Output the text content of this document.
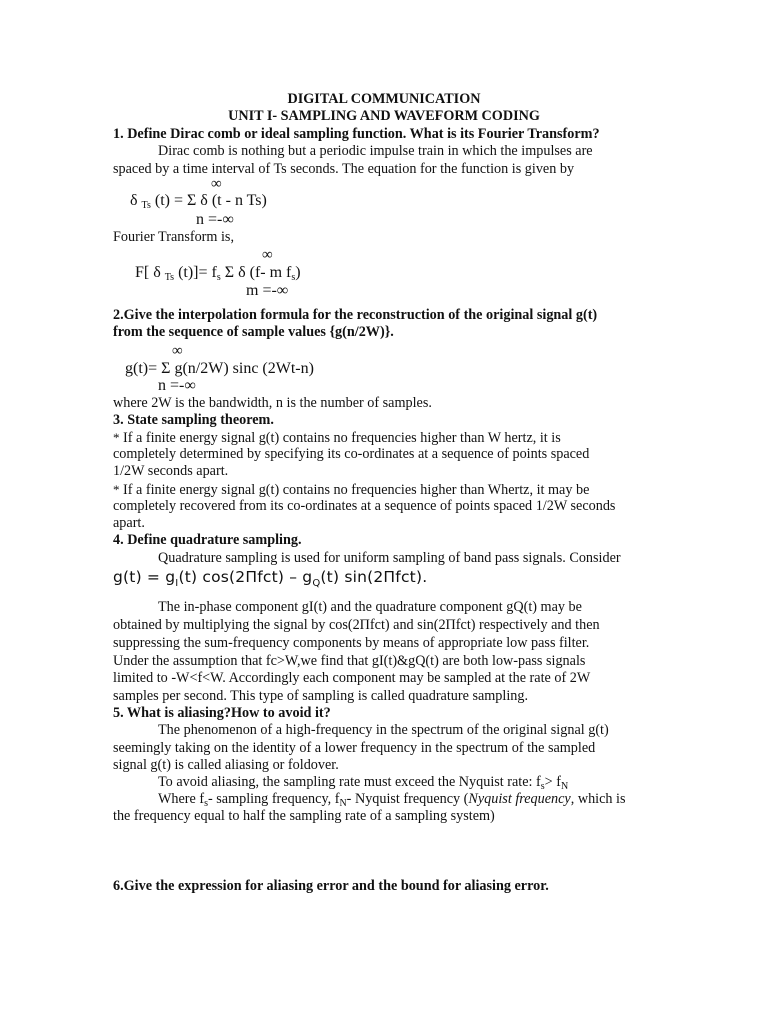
DIGITAL COMMUNICATION
UNIT I- SAMPLING AND WAVEFORM CODING
1. Define Dirac comb or ideal sampling function. What is its Fourier Transform?
Dirac comb is nothing but a periodic impulse train in which the impulses are
spaced by a time interval of Ts seconds. The equation for the function is given by
∞
δ Ts (t) = Σ δ (t - n Ts)
n =-∞
Fourier Transform is,
∞
F[ δ Ts (t)]= fs Σ δ (f- m fs)
m =-∞
2.Give the interpolation formula for the reconstruction of the original signal g(t)
from the sequence of sample values {g(n/2W)}.
∞
g(t)= Σ g(n/2W) sinc (2Wt-n)
n =-∞
where 2W is the bandwidth, n is the number of samples.
3. State sampling theorem.
* If a finite energy signal g(t) contains no frequencies higher than W hertz, it is
completely determined by specifying its co-ordinates at a sequence of points spaced
1/2W seconds apart.
* If a finite energy signal g(t) contains no frequencies higher than Whertz, it may be
completely recovered from its co-ordinates at a sequence of points spaced 1/2W seconds
apart.
4. Define quadrature sampling.
Quadrature sampling is used for uniform sampling of band pass signals. Consider
$g(t) = g_I(t)$ $\cos(2\Pi fct) - g_Q(t)$ sin(2Πfct).
The in-phase component gI(t) and the quadrature component gQ(t) may be
obtained by multiplying the signal by cos(2Πfct) and sin(2Πfct) respectively and then
suppressing the sum-frequency components by means of appropriate low pass filter.
Under the assumption that fc>W,we find that gI(t)&gQ(t) are both low-pass signals
limited to -W<f<W. Accordingly each component may be sampled at the rate of 2W
samples per second. This type of sampling is called quadrature sampling.
5. What is aliasing?How to avoid it?
The phenomenon of a high-frequency in the spectrum of the original signal g(t)
seemingly taking on the identity of a lower frequency in the spectrum of the sampled
signal g(t) is called aliasing or foldover.
To avoid aliasing, the sampling rate must exceed the Nyquist rate: $f_s> f_N$
Where $f_s-$ sampling frequency, $f_N-$ Nyquist frequency (Nyquist frequency, which is
the frequency equal to half the sampling rate of a sampling system)
6.Give the expression for aliasing error and the bound for aliasing error.
